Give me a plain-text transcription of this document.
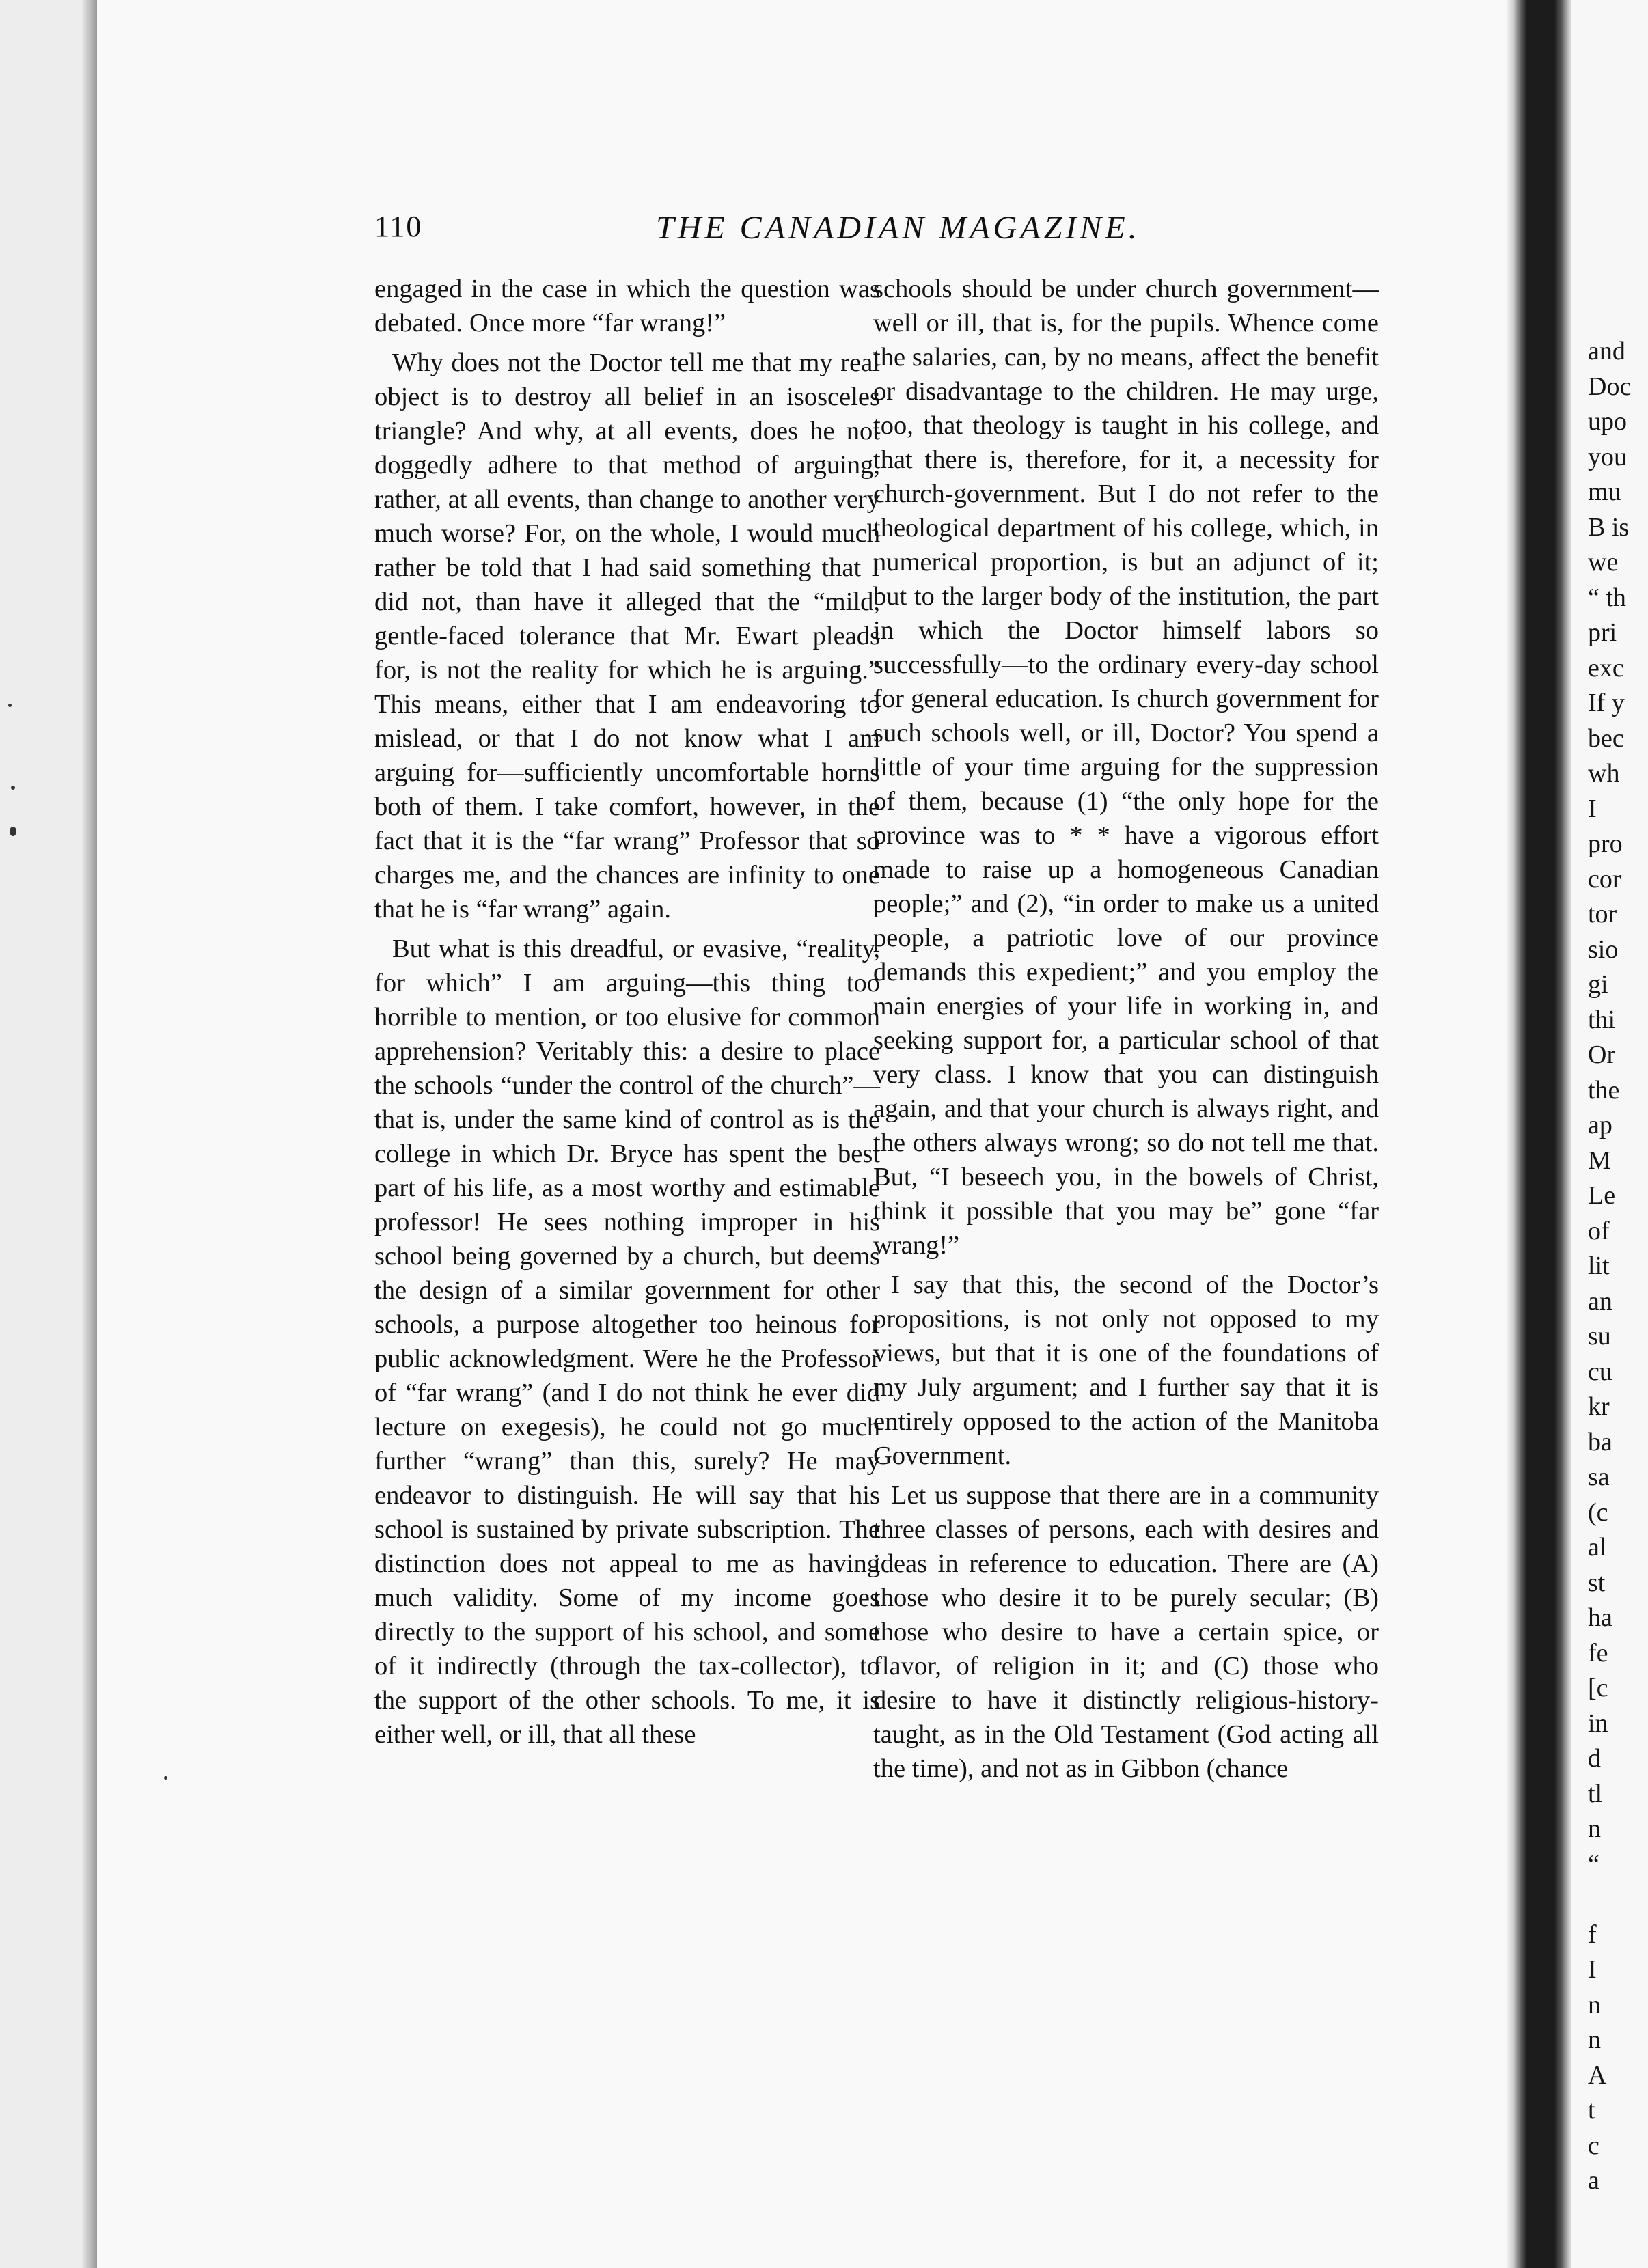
and
Doc
upo
you
mu
B is
we
“ th
pri
exc
If y
bec
wh
I
pro
cor
tor
sio
gi
thi
Or
the
ap
M
Le
of
lit
an
su
cu
kr
ba
sa
(c
al
st
ha
fe
[c
in
d
tl
n
“
f
I
n
n
A
t
c
a
110	THE CANADIAN MAGAZINE.

engaged in the case in which the question was debated. Once more “far wrang!”

Why does not the Doctor tell me that my real object is to destroy all belief in an isosceles triangle? And why, at all events, does he not doggedly adhere to that method of arguing, rather, at all events, than change to another very much worse? For, on the whole, I would much rather be told that I had said something that I did not, than have it alleged that the “mild, gentle-faced tolerance that Mr. Ewart pleads for, is not the reality for which he is arguing.” This means, either that I am endeavoring to mislead, or that I do not know what I am arguing for—sufficiently uncomfortable horns both of them. I take comfort, however, in the fact that it is the “far wrang” Professor that so charges me, and the chances are infinity to one that he is “far wrang” again.

But what is this dreadful, or evasive, “reality, for which” I am arguing—this thing too horrible to mention, or too elusive for common apprehension? Veritably this: a desire to place the schools “under the control of the church”—that is, under the same kind of control as is the college in which Dr. Bryce has spent the best part of his life, as a most worthy and estimable professor! He sees nothing improper in his school being governed by a church, but deems the design of a similar government for other schools, a purpose altogether too heinous for public acknowledgment. Were he the Professor of “far wrang” (and I do not think he ever did lecture on exegesis), he could not go much further “wrang” than this, surely? He may endeavor to distinguish. He will say that his school is sustained by private subscription. The distinction does not appeal to me as having much validity. Some of my income goes directly to the support of his school, and some of it indirectly (through the tax-collector), to the support of the other schools. To me, it is either well, or ill, that all these

schools should be under church government—well or ill, that is, for the pupils. Whence come the salaries, can, by no means, affect the benefit or disadvantage to the children. He may urge, too, that theology is taught in his college, and that there is, therefore, for it, a necessity for church-government. But I do not refer to the theological department of his college, which, in numerical proportion, is but an adjunct of it; but to the larger body of the institution, the part in which the Doctor himself labors so successfully—to the ordinary every-day school for general education. Is church government for such schools well, or ill, Doctor? You spend a little of your time arguing for the suppression of them, because (1) “the only hope for the province was to * * have a vigorous effort made to raise up a homogeneous Canadian people;” and (2), “in order to make us a united people, a patriotic love of our province demands this expedient;” and you employ the main energies of your life in working in, and seeking support for, a particular school of that very class. I know that you can distinguish again, and that your church is always right, and the others always wrong; so do not tell me that. But, “I beseech you, in the bowels of Christ, think it possible that you may be” gone “far wrang!”

I say that this, the second of the Doctor’s propositions, is not only not opposed to my views, but that it is one of the foundations of my July argument; and I further say that it is entirely opposed to the action of the Manitoba Government.

Let us suppose that there are in a community three classes of persons, each with desires and ideas in reference to education. There are (A) those who desire it to be purely secular; (B) those who desire to have a certain spice, or flavor, of religion in it; and (C) those who desire to have it distinctly religious-history-taught, as in the Old Testament (God acting all the time), and not as in Gibbon (chance
